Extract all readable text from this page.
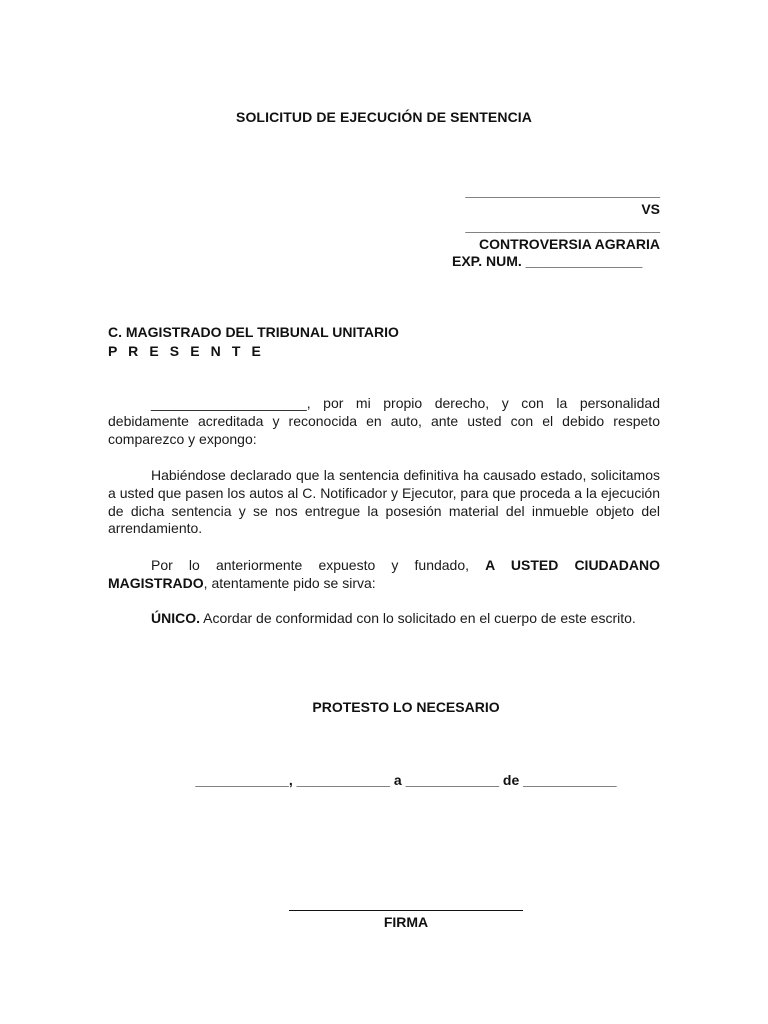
SOLICITUD DE EJECUCIÓN DE SENTENCIA
_________________________
VS
_________________________
CONTROVERSIA AGRARIA
EXP. NUM. _______________
C. MAGISTRADO DEL TRIBUNAL UNITARIO
P R E S E N T E
____________________, por mi propio derecho, y con la personalidad debidamente acreditada y reconocida en auto, ante usted con el debido respeto comparezco y expongo:
Habiéndose declarado que la sentencia definitiva ha causado estado, solicitamos a usted que pasen los autos al C. Notificador y Ejecutor, para que proceda a la ejecución de dicha sentencia y se nos entregue la posesión material del inmueble objeto del arrendamiento.
Por lo anteriormente expuesto y fundado, A USTED CIUDADANO MAGISTRADO, atentamente pido se sirva:
ÚNICO. Acordar de conformidad con lo solicitado en el cuerpo de este escrito.
PROTESTO LO NECESARIO
____________, ____________ a ____________ de ____________
FIRMA
